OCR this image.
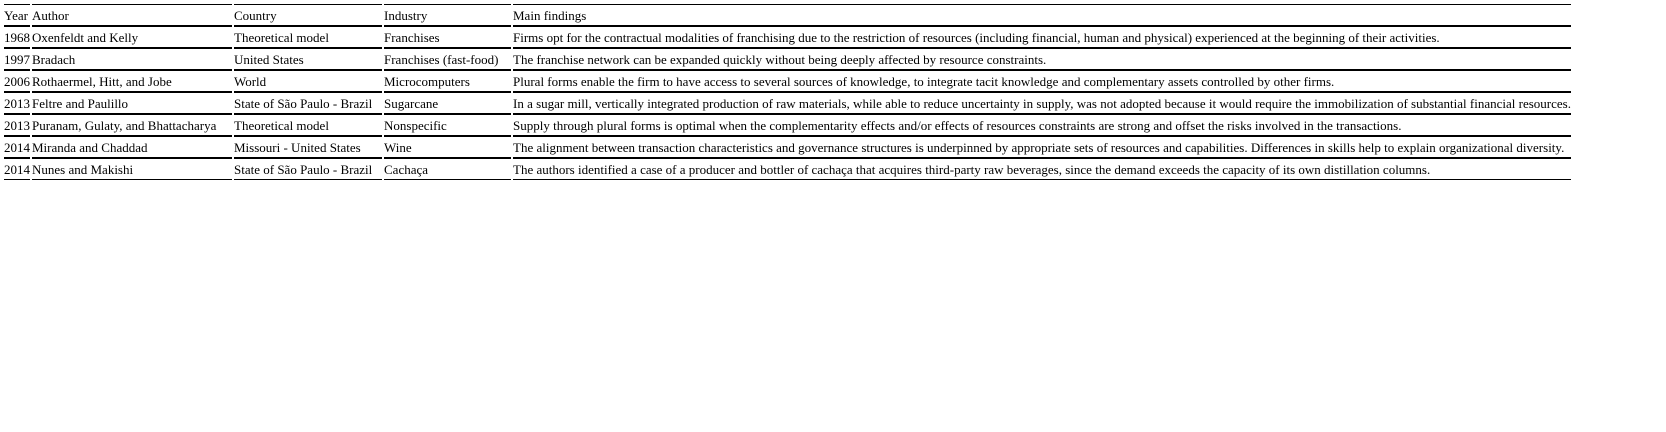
Year	Author	Country	Industry	Main findings
1968	Oxenfeldt and Kelly	Theoretical model	Franchises	Firms opt for the contractual modalities of franchising due to the restriction of resources (including financial, human and physical) experienced at the beginning of their activities.
1997	Bradach	United States	Franchises (fast-food)	The franchise network can be expanded quickly without being deeply affected by resource constraints.
2006	Rothaermel, Hitt, and Jobe	World	Microcomputers	Plural forms enable the firm to have access to several sources of knowledge, to integrate tacit knowledge and complementary assets controlled by other firms.
2013	Feltre and Paulillo	State of São Paulo - Brazil	Sugarcane	In a sugar mill, vertically integrated production of raw materials, while able to reduce uncertainty in supply, was not adopted because it would require the immobilization of substantial financial resources.
2013	Puranam, Gulaty, and Bhattacharya	Theoretical model	Nonspecific	Supply through plural forms is optimal when the complementarity effects and/or effects of resources constraints are strong and offset the risks involved in the transactions.
2014	Miranda and Chaddad	Missouri - United States	Wine	The alignment between transaction characteristics and governance structures is underpinned by appropriate sets of resources and capabilities. Differences in skills help to explain organizational diversity.
2014	Nunes and Makishi	State of São Paulo - Brazil	Cachaça	The authors identified a case of a producer and bottler of cachaça that acquires third-party raw beverages, since the demand exceeds the capacity of its own distillation columns.
